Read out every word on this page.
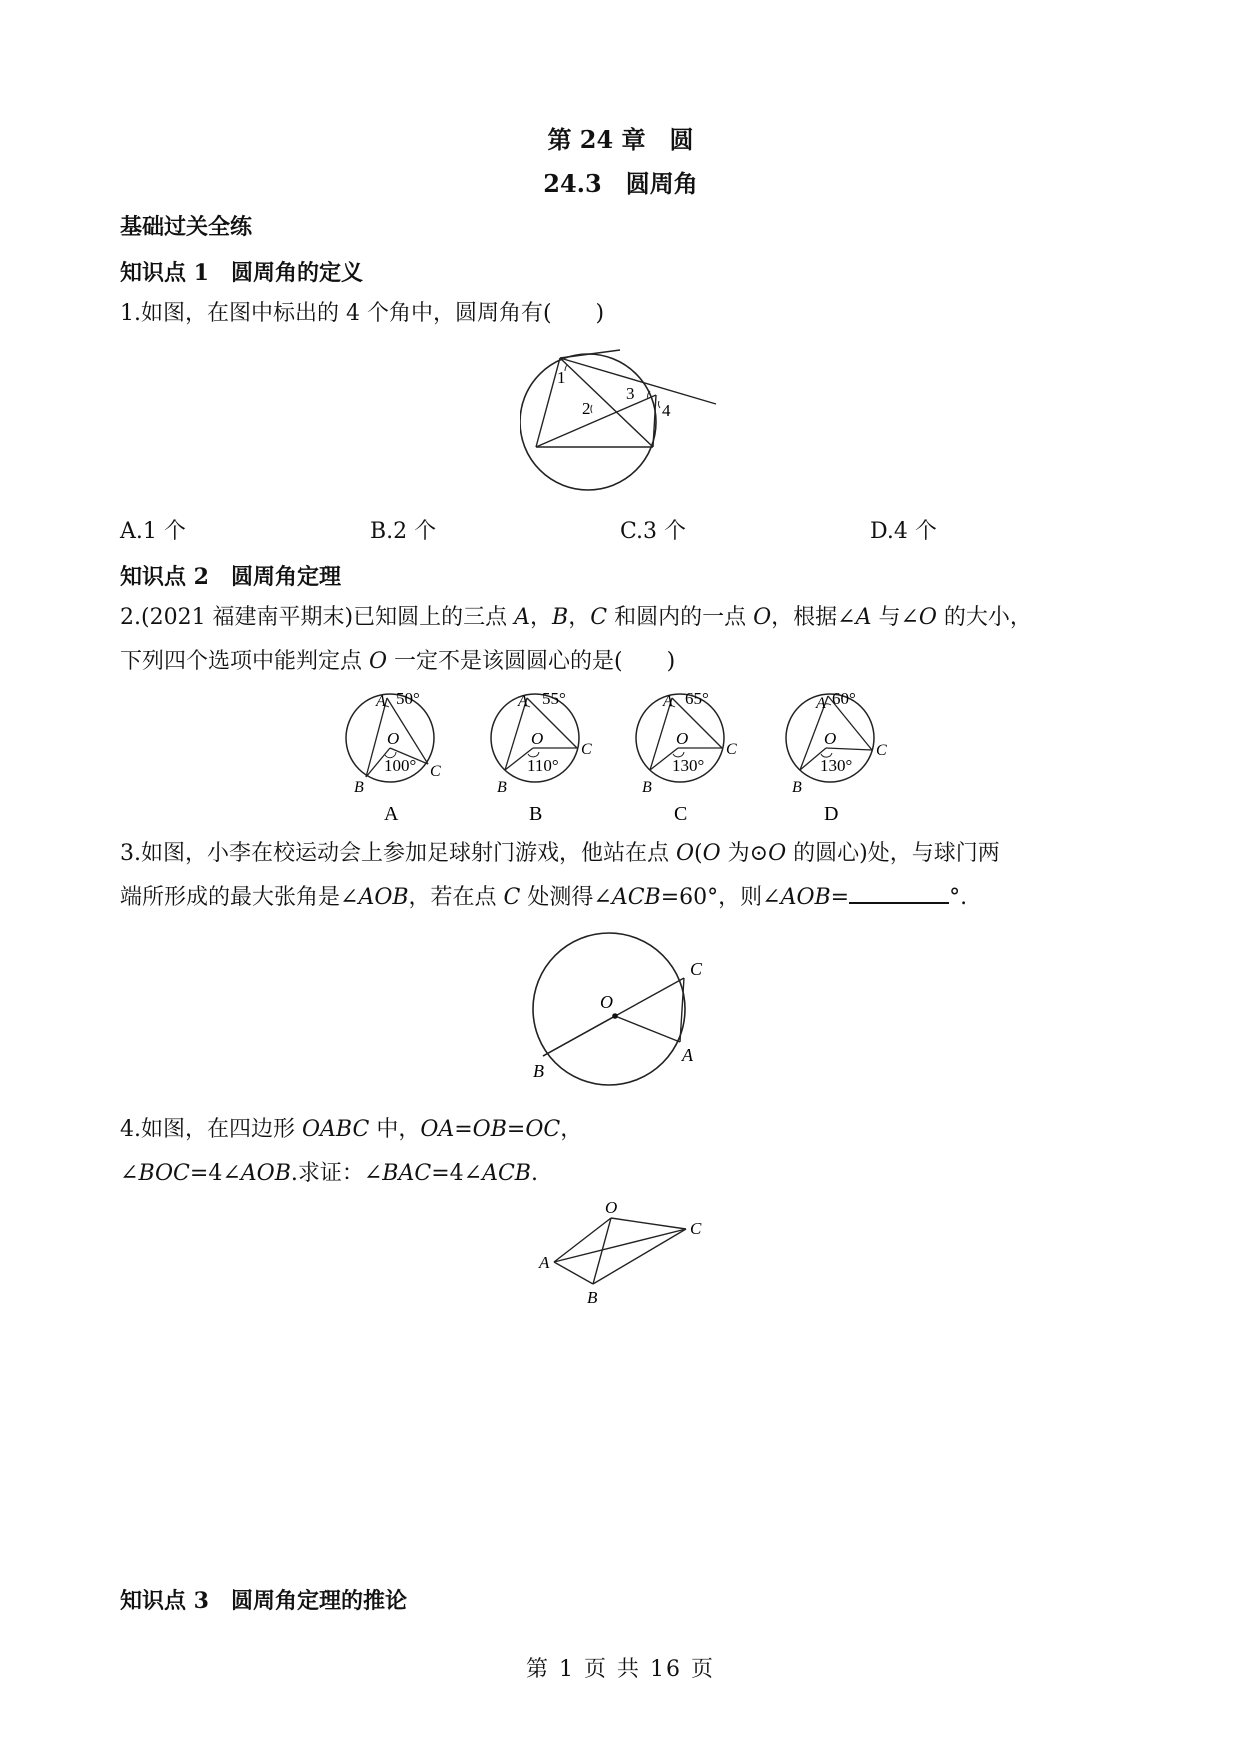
第 24 章　圆
24.3　圆周角
基础过关全练
知识点 1　圆周角的定义
1.如图，在图中标出的 4 个角中，圆周角有(　　)
1
2
3
4
A.1 个	B.2 个	C.3 个	D.4 个
知识点 2　圆周角定理
2.(2021 福建南平期末)已知圆上的三点 A，B，C 和圆内的一点 O，根据∠A 与∠O 的大小，
下列四个选项中能判定点 O 一定不是该圆圆心的是(　　)
A 50°
O
100° C
B
A
A 55°
O
110°
C
B
B
A 65°
O
130°
C
B
C
A 60°
O
130°
C
B
D
3.如图，小李在校运动会上参加足球射门游戏，他站在点 O(O 为⊙O 的圆心)处，与球门两
端所形成的最大张角是∠AOB，若在点 C 处测得∠ACB=60°，则∠AOB=	°.
O
C
A
B
4.如图，在四边形 OABC 中，OA=OB=OC，
∠BOC=4∠AOB.求证：∠BAC=4∠ACB.
O
C
A
B
知识点 3　圆周角定理的推论
第 1 页 共 16 页
